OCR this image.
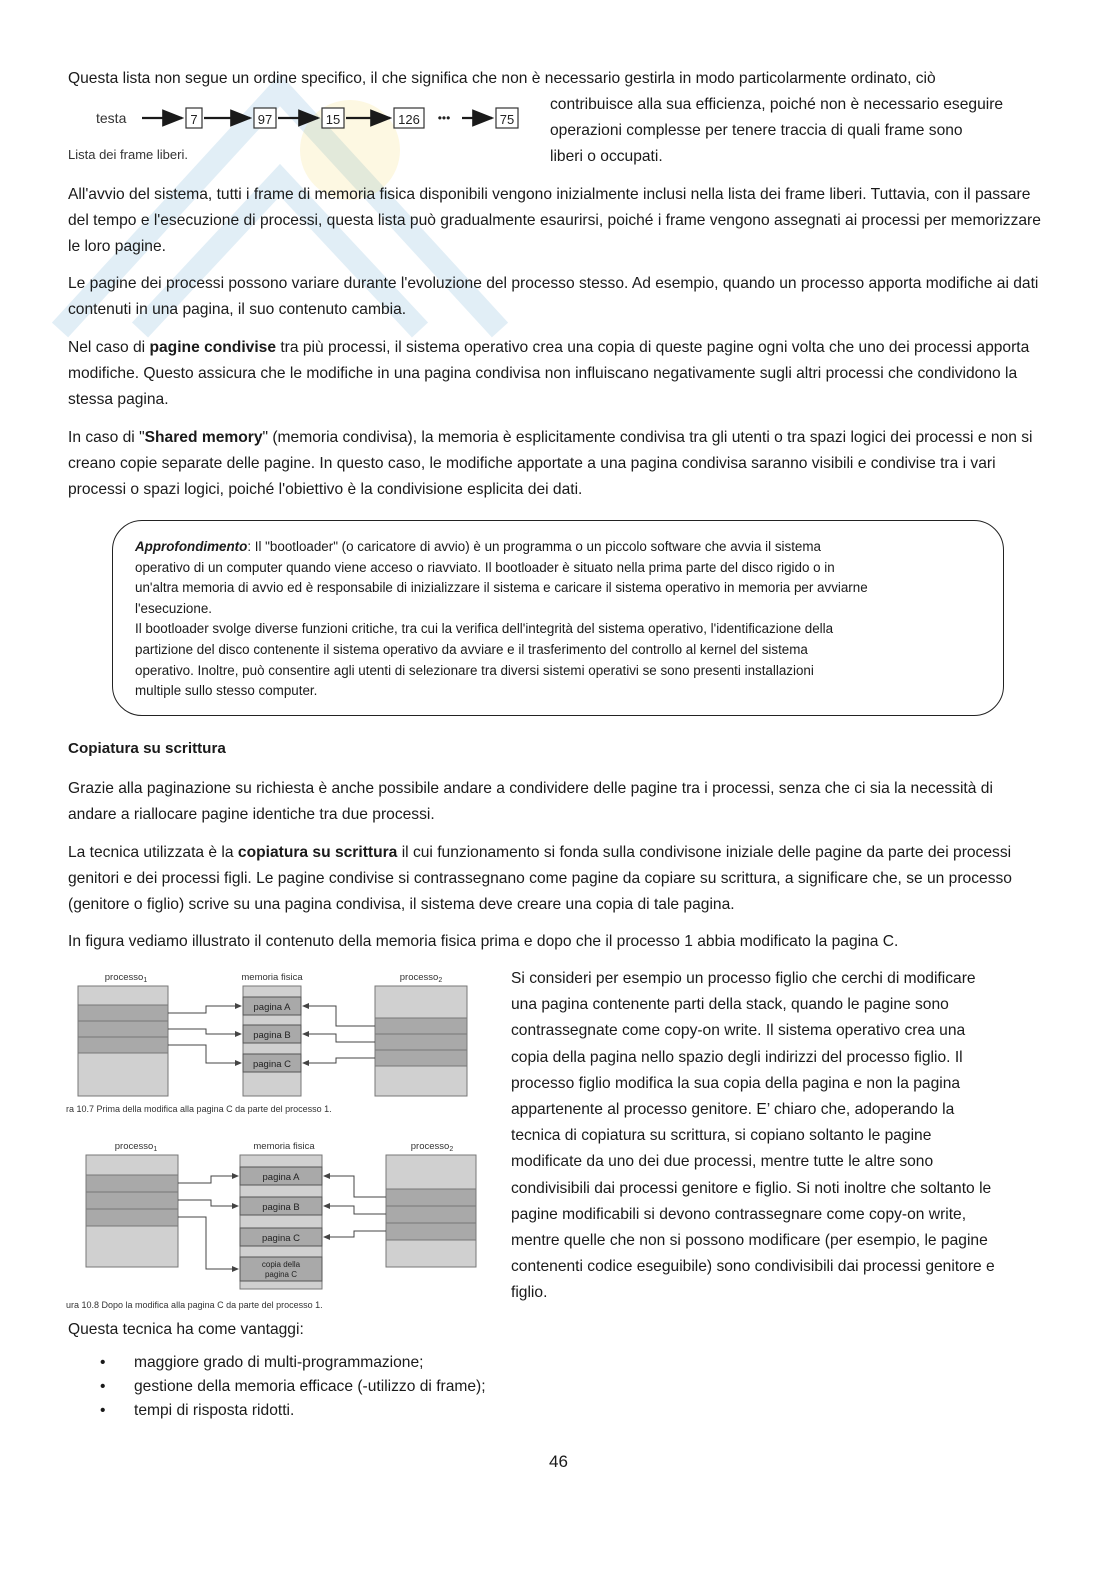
Questa lista non segue un ordine specifico, il che significa che non è necessario gestirla in modo particolarmente ordinato, ciò

testa	7	97	15	126 •••	75
Lista dei frame liberi.
contribuisce alla sua efficienza, poiché non è necessario eseguire
operazioni complesse per tenere traccia di quali frame sono
liberi o occupati.

All'avvio del sistema, tutti i frame di memoria fisica disponibili vengono inizialmente inclusi nella lista dei frame liberi. Tuttavia, con il passare del tempo e l'esecuzione di processi, questa lista può gradualmente esaurirsi, poiché i frame vengono assegnati ai processi per memorizzare le loro pagine.

Le pagine dei processi possono variare durante l'evoluzione del processo stesso. Ad esempio, quando un processo apporta modifiche ai dati contenuti in una pagina, il suo contenuto cambia.

Nel caso di pagine condivise tra più processi, il sistema operativo crea una copia di queste pagine ogni volta che uno dei processi apporta modifiche. Questo assicura che le modifiche in una pagina condivisa non influiscano negativamente sugli altri processi che condividono la stessa pagina.

In caso di "Shared memory" (memoria condivisa), la memoria è esplicitamente condivisa tra gli utenti o tra spazi logici dei processi e non si creano copie separate delle pagine. In questo caso, le modifiche apportate a una pagina condivisa saranno visibili e condivise tra i vari processi o spazi logici, poiché l'obiettivo è la condivisione esplicita dei dati.

Approfondimento: Il "bootloader" (o caricatore di avvio) è un programma o un piccolo software che avvia il sistema
operativo di un computer quando viene acceso o riavviato. Il bootloader è situato nella prima parte del disco rigido o in
un'altra memoria di avvio ed è responsabile di inizializzare il sistema e caricare il sistema operativo in memoria per avviarne
l'esecuzione.
Il bootloader svolge diverse funzioni critiche, tra cui la verifica dell'integrità del sistema operativo, l'identificazione della
partizione del disco contenente il sistema operativo da avviare e il trasferimento del controllo al kernel del sistema
operativo. Inoltre, può consentire agli utenti di selezionare tra diversi sistemi operativi se sono presenti installazioni
multiple sullo stesso computer.

Copiatura su scrittura

Grazie alla paginazione su richiesta è anche possibile andare a condividere delle pagine tra i processi, senza che ci sia la necessità di andare a riallocare pagine identiche tra due processi.

La tecnica utilizzata è la copiatura su scrittura il cui funzionamento si fonda sulla condivisone iniziale delle pagine da parte dei processi genitori e dei processi figli. Le pagine condivise si contrassegnano come pagine da copiare su scrittura, a significare che, se un processo (genitore o figlio) scrive su una pagina condivisa, il sistema deve creare una copia di tale pagina.

In figura vediamo illustrato il contenuto della memoria fisica prima e dopo che il processo 1 abbia modificato la pagina C.

processo$_1$	memoria fisica	processo$_2$
pagina A
pagina B
pagina C
ra 10.7 Prima della modifica alla pagina C da parte del processo 1.
processo$_1$	memoria fisica	processo$_2$
pagina A
pagina B
pagina C
copia della
pagina C
ura 10.8 Dopo la modifica alla pagina C da parte del processo 1.
Si consideri per esempio un processo figlio che cerchi di modificare
una pagina contenente parti della stack, quando le pagine sono
contrassegnate come copy-on write. Il sistema operativo crea una
copia della pagina nello spazio degli indirizzi del processo figlio. Il
processo figlio modifica la sua copia della pagina e non la pagina
appartenente al processo genitore. E’ chiaro che, adoperando la
tecnica di copiatura su scrittura, si copiano soltanto le pagine
modificate da uno dei due processi, mentre tutte le altre sono
condivisibili dai processi genitore e figlio. Si noti inoltre che soltanto le
pagine modificabili si devono contrassegnare come copy-on write,
mentre quelle che non si possono modificare (per esempio, le pagine
contenenti codice eseguibile) sono condivisibili dai processi genitore e
figlio.

Questa tecnica ha come vantaggi:

• maggiore grado di multi-programmazione;
• gestione della memoria efficace (-utilizzo di frame);
• tempi di risposta ridotti.
46
